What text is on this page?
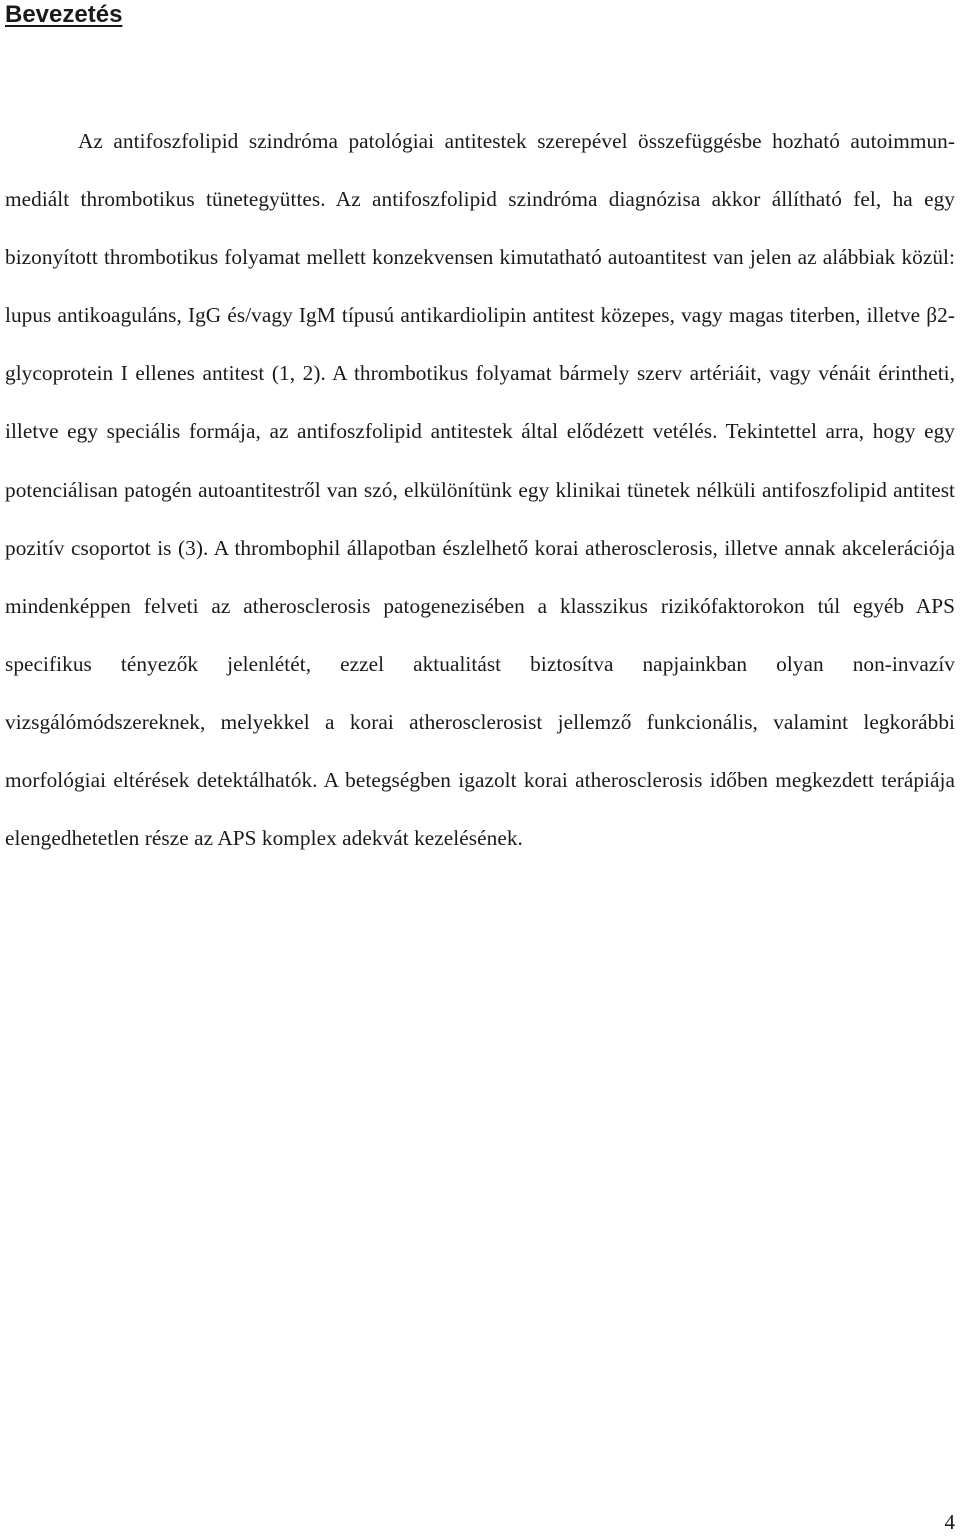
Bevezetés

Az antifoszfolipid szindróma patológiai antitestek szerepével összefüggésbe hozható autoimmun-mediált thrombotikus tünetegyüttes. Az antifoszfolipid szindróma diagnózisa akkor állítható fel, ha egy bizonyított thrombotikus folyamat mellett konzekvensen kimutatható autoantitest van jelen az alábbiak közül: lupus antikoaguláns, IgG és/vagy IgM típusú antikardiolipin antitest közepes, vagy magas titerben, illetve β2-glycoprotein I ellenes antitest (1, 2). A thrombotikus folyamat bármely szerv artériáit, vagy vénáit érintheti, illetve egy speciális formája, az antifoszfolipid antitestek által elődézett vetélés. Tekintettel arra, hogy egy potenciálisan patogén autoantitestről van szó, elkülönítünk egy klinikai tünetek nélküli antifoszfolipid antitest pozitív csoportot is (3). A thrombophil állapotban észlelhető korai atherosclerosis, illetve annak akcelerációja mindenképpen felveti az atherosclerosis patogenezisében a klasszikus rizikófaktorokon túl egyéb APS specifikus tényezők jelenlétét, ezzel aktualitást biztosítva napjainkban olyan non-invazív vizsgálómódszereknek, melyekkel a korai atherosclerosist jellemző funkcionális, valamint legkorábbi morfológiai eltérések detektálhatók. A betegségben igazolt korai atherosclerosis időben megkezdett terápiája elengedhetetlen része az APS komplex adekvát kezelésének.

4
